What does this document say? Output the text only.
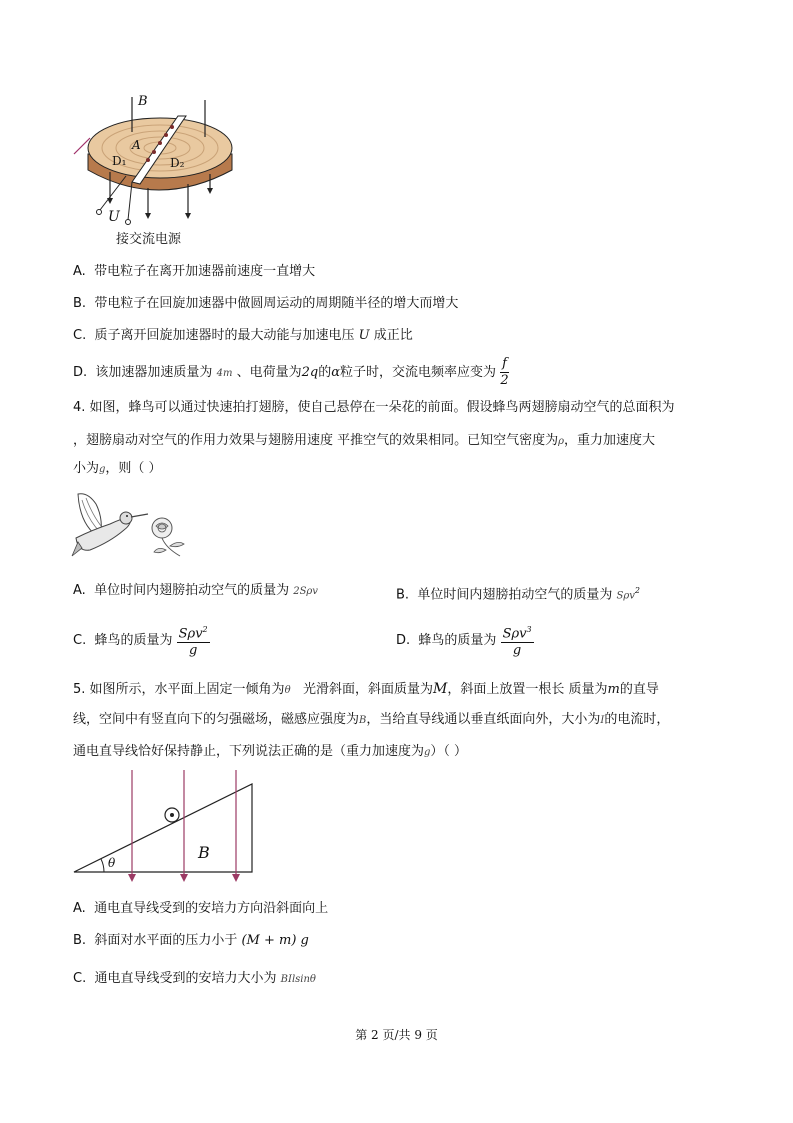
B
A
D₁	D₂
U
接交流电源
A. 带电粒子在离开加速器前速度一直增大
B. 带电粒子在回旋加速器中做圆周运动的周期随半径的增大而增大
C. 质子离开回旋加速器时的最大动能与加速电压 U 成正比
D. 该加速器加速质量为 4m 、电荷量为2q的α粒子时，交流电频率应变为 $\frac{f}{2}$
4. 如图，蜂鸟可以通过快速拍打翅膀，使自己悬停在一朵花的前面。假设蜂鸟两翅膀扇动空气的总面积为
，翅膀扇动对空气的作用力效果与翅膀用速度 平推空气的效果相同。已知空气密度为ρ，重力加速度大
小为g，则（ ）
A. 单位时间内翅膀拍动空气的质量为 2Sρv	B. 单位时间内翅膀拍动空气的质量为 Sρv$^2$
C. 蜂鸟的质量为 $\frac{S\rho v^2}{g}$	D. 蜂鸟的质量为 $\frac{S\rho v^3}{g}$
5. 如图所示，水平面上固定一倾角为θ 光滑斜面，斜面质量为M，斜面上放置一根长 质量为m的直导
线，空间中有竖直向下的匀强磁场，磁感应强度为B，当给直导线通以垂直纸面向外，大小为I的电流时，
通电直导线恰好保持静止，下列说法正确的是（重力加速度为g）（ ）
θ
B
A. 通电直导线受到的安培力方向沿斜面向上
B. 斜面对水平面的压力小于 (M + m) g
C. 通电直导线受到的安培力大小为 BIlsinθ
第 2 页/共 9 页
